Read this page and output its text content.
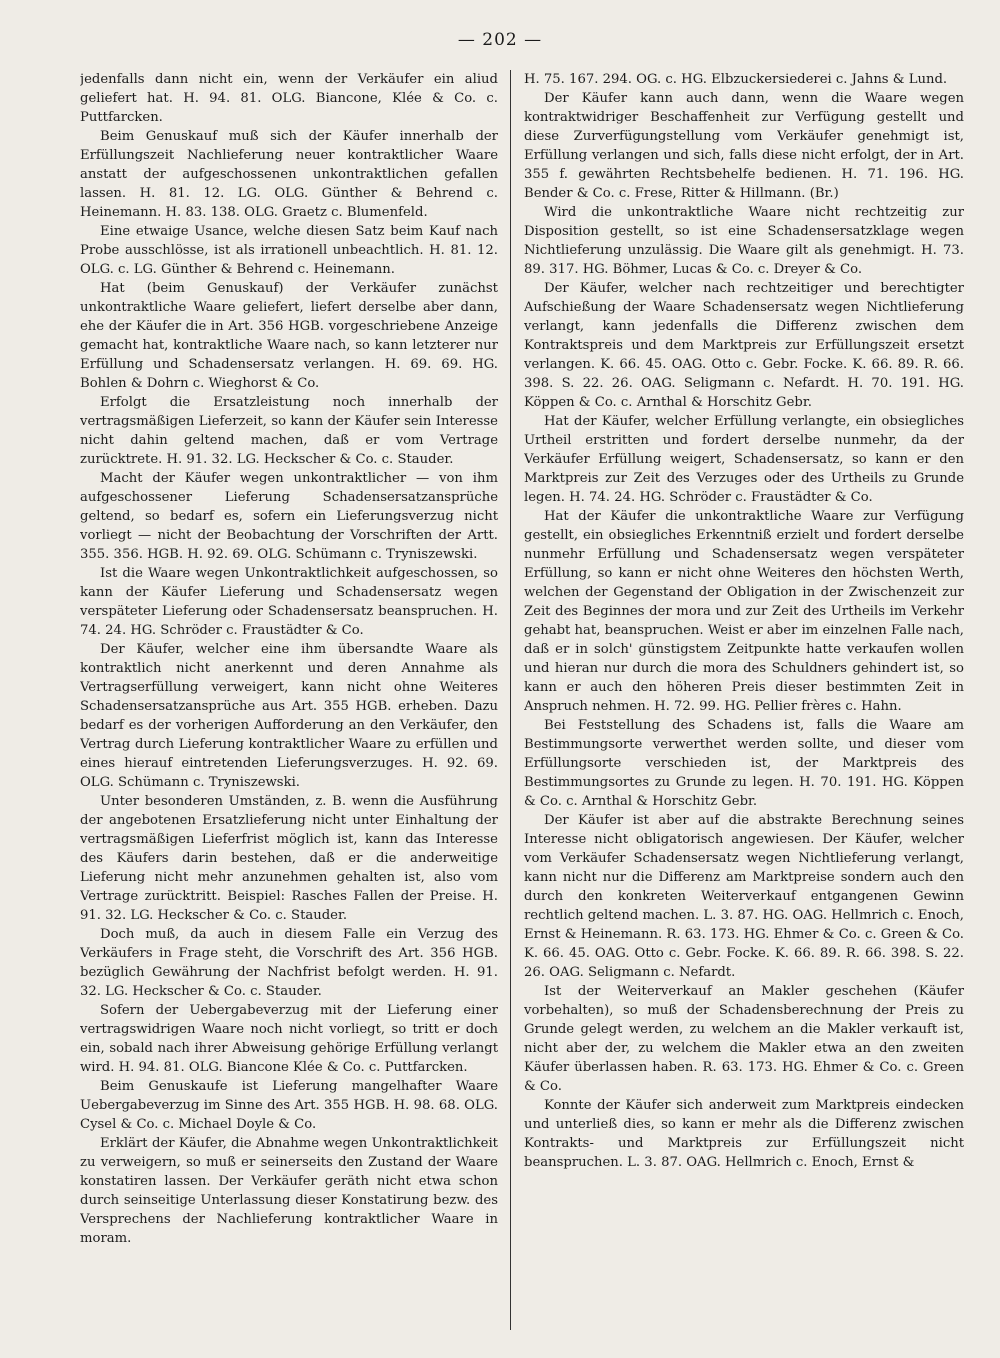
— 202 —

jedenfalls dann nicht ein, wenn der Verkäufer ein aliud geliefert hat. H. 94. 81. OLG. Biancone, Klée & Co. c. Puttfarcken.

Beim Genuskauf muß sich der Käufer innerhalb der Erfüllungszeit Nachlieferung neuer kontraktlicher Waare anstatt der aufgeschossenen unkontraktlichen gefallen lassen. H. 81. 12. LG. OLG. Günther & Behrend c. Heinemann. H. 83. 138. OLG. Graetz c. Blumenfeld.

Eine etwaige Usance, welche diesen Satz beim Kauf nach Probe ausschlösse, ist als irrationell unbeachtlich. H. 81. 12. OLG. c. LG. Günther & Behrend c. Heinemann.

Hat (beim Genuskauf) der Verkäufer zunächst unkontraktliche Waare geliefert, liefert derselbe aber dann, ehe der Käufer die in Art. 356 HGB. vorgeschriebene Anzeige gemacht hat, kontraktliche Waare nach, so kann letzterer nur Erfüllung und Schadensersatz verlangen. H. 69. 69. HG. Bohlen & Dohrn c. Wieghorst & Co.

Erfolgt die Ersatzleistung noch innerhalb der vertragsmäßigen Lieferzeit, so kann der Käufer sein Interesse nicht dahin geltend machen, daß er vom Vertrage zurücktrete. H. 91. 32. LG. Heckscher & Co. c. Stauder.

Macht der Käufer wegen unkontraktlicher — von ihm aufgeschossener Lieferung Schadensersatzansprüche geltend, so bedarf es, sofern ein Lieferungsverzug nicht vorliegt — nicht der Beobachtung der Vorschriften der Artt. 355. 356. HGB. H. 92. 69. OLG. Schümann c. Tryniszewski.

Ist die Waare wegen Unkontraktlichkeit aufgeschossen, so kann der Käufer Lieferung und Schadensersatz wegen verspäteter Lieferung oder Schadensersatz beanspruchen. H. 74. 24. HG. Schröder c. Fraustädter & Co.

Der Käufer, welcher eine ihm übersandte Waare als kontraktlich nicht anerkennt und deren Annahme als Vertragserfüllung verweigert, kann nicht ohne Weiteres Schadensersatzansprüche aus Art. 355 HGB. erheben. Dazu bedarf es der vorherigen Aufforderung an den Verkäufer, den Vertrag durch Lieferung kontraktlicher Waare zu erfüllen und eines hierauf eintretenden Lieferungsverzuges. H. 92. 69. OLG. Schümann c. Tryniszewski.

Unter besonderen Umständen, z. B. wenn die Ausführung der angebotenen Ersatzlieferung nicht unter Einhaltung der vertragsmäßigen Lieferfrist möglich ist, kann das Interesse des Käufers darin bestehen, daß er die anderweitige Lieferung nicht mehr anzunehmen gehalten ist, also vom Vertrage zurücktritt. Beispiel: Rasches Fallen der Preise. H. 91. 32. LG. Heckscher & Co. c. Stauder.

Doch muß, da auch in diesem Falle ein Verzug des Verkäufers in Frage steht, die Vorschrift des Art. 356 HGB. bezüglich Gewährung der Nachfrist befolgt werden. H. 91. 32. LG. Heckscher & Co. c. Stauder.

Sofern der Uebergabeverzug mit der Lieferung einer vertragswidrigen Waare noch nicht vorliegt, so tritt er doch ein, sobald nach ihrer Abweisung gehörige Erfüllung verlangt wird. H. 94. 81. OLG. Biancone Klée & Co. c. Puttfarcken.

Beim Genuskaufe ist Lieferung mangelhafter Waare Uebergabeverzug im Sinne des Art. 355 HGB. H. 98. 68. OLG. Cysel & Co. c. Michael Doyle & Co.

Erklärt der Käufer, die Abnahme wegen Unkontraktlichkeit zu verweigern, so muß er seinerseits den Zustand der Waare konstatiren lassen. Der Verkäufer geräth nicht etwa schon durch seinseitige Unterlassung dieser Konstatirung bezw. des Versprechens der Nachlieferung kontraktlicher Waare in moram.

H. 75. 167. 294. OG. c. HG. Elbzuckersiederei c. Jahns & Lund.

Der Käufer kann auch dann, wenn die Waare wegen kontraktwidriger Beschaffenheit zur Verfügung gestellt und diese Zurverfügungstellung vom Verkäufer genehmigt ist, Erfüllung verlangen und sich, falls diese nicht erfolgt, der in Art. 355 f. gewährten Rechtsbehelfe bedienen. H. 71. 196. HG. Bender & Co. c. Frese, Ritter & Hillmann. (Br.)

Wird die unkontraktliche Waare nicht rechtzeitig zur Disposition gestellt, so ist eine Schadensersatzklage wegen Nichtlieferung unzulässig. Die Waare gilt als genehmigt. H. 73. 89. 317. HG. Böhmer, Lucas & Co. c. Dreyer & Co.

Der Käufer, welcher nach rechtzeitiger und berechtigter Aufschießung der Waare Schadensersatz wegen Nichtlieferung verlangt, kann jedenfalls die Differenz zwischen dem Kontraktspreis und dem Marktpreis zur Erfüllungszeit ersetzt verlangen. K. 66. 45. OAG. Otto c. Gebr. Focke. K. 66. 89. R. 66. 398. S. 22. 26. OAG. Seligmann c. Nefardt. H. 70. 191. HG. Köppen & Co. c. Arnthal & Horschitz Gebr.

Hat der Käufer, welcher Erfüllung verlangte, ein obsiegliches Urtheil erstritten und fordert derselbe nunmehr, da der Verkäufer Erfüllung weigert, Schadensersatz, so kann er den Marktpreis zur Zeit des Verzuges oder des Urtheils zu Grunde legen. H. 74. 24. HG. Schröder c. Fraustädter & Co.

Hat der Käufer die unkontraktliche Waare zur Verfügung gestellt, ein obsiegliches Erkenntniß erzielt und fordert derselbe nunmehr Erfüllung und Schadensersatz wegen verspäteter Erfüllung, so kann er nicht ohne Weiteres den höchsten Werth, welchen der Gegenstand der Obligation in der Zwischenzeit zur Zeit des Beginnes der mora und zur Zeit des Urtheils im Verkehr gehabt hat, beanspruchen. Weist er aber im einzelnen Falle nach, daß er in solch' günstigstem Zeitpunkte hatte verkaufen wollen und hieran nur durch die mora des Schuldners gehindert ist, so kann er auch den höheren Preis dieser bestimmten Zeit in Anspruch nehmen. H. 72. 99. HG. Pellier frères c. Hahn.

Bei Feststellung des Schadens ist, falls die Waare am Bestimmungsorte verwerthet werden sollte, und dieser vom Erfüllungsorte verschieden ist, der Marktpreis des Bestimmungsortes zu Grunde zu legen. H. 70. 191. HG. Köppen & Co. c. Arnthal & Horschitz Gebr.

Der Käufer ist aber auf die abstrakte Berechnung seines Interesse nicht obligatorisch angewiesen. Der Käufer, welcher vom Verkäufer Schadensersatz wegen Nichtlieferung verlangt, kann nicht nur die Differenz am Marktpreise sondern auch den durch den konkreten Weiterverkauf entgangenen Gewinn rechtlich geltend machen. L. 3. 87. HG. OAG. Hellmrich c. Enoch, Ernst & Heinemann. R. 63. 173. HG. Ehmer & Co. c. Green & Co. K. 66. 45. OAG. Otto c. Gebr. Focke. K. 66. 89. R. 66. 398. S. 22. 26. OAG. Seligmann c. Nefardt.

Ist der Weiterverkauf an Makler geschehen (Käufer vorbehalten), so muß der Schadensberechnung der Preis zu Grunde gelegt werden, zu welchem an die Makler verkauft ist, nicht aber der, zu welchem die Makler etwa an den zweiten Käufer überlassen haben. R. 63. 173. HG. Ehmer & Co. c. Green & Co.

Konnte der Käufer sich anderweit zum Marktpreis eindecken und unterließ dies, so kann er mehr als die Differenz zwischen Kontrakts- und Marktpreis zur Erfüllungszeit nicht beanspruchen. L. 3. 87. OAG. Hellmrich c. Enoch, Ernst &
